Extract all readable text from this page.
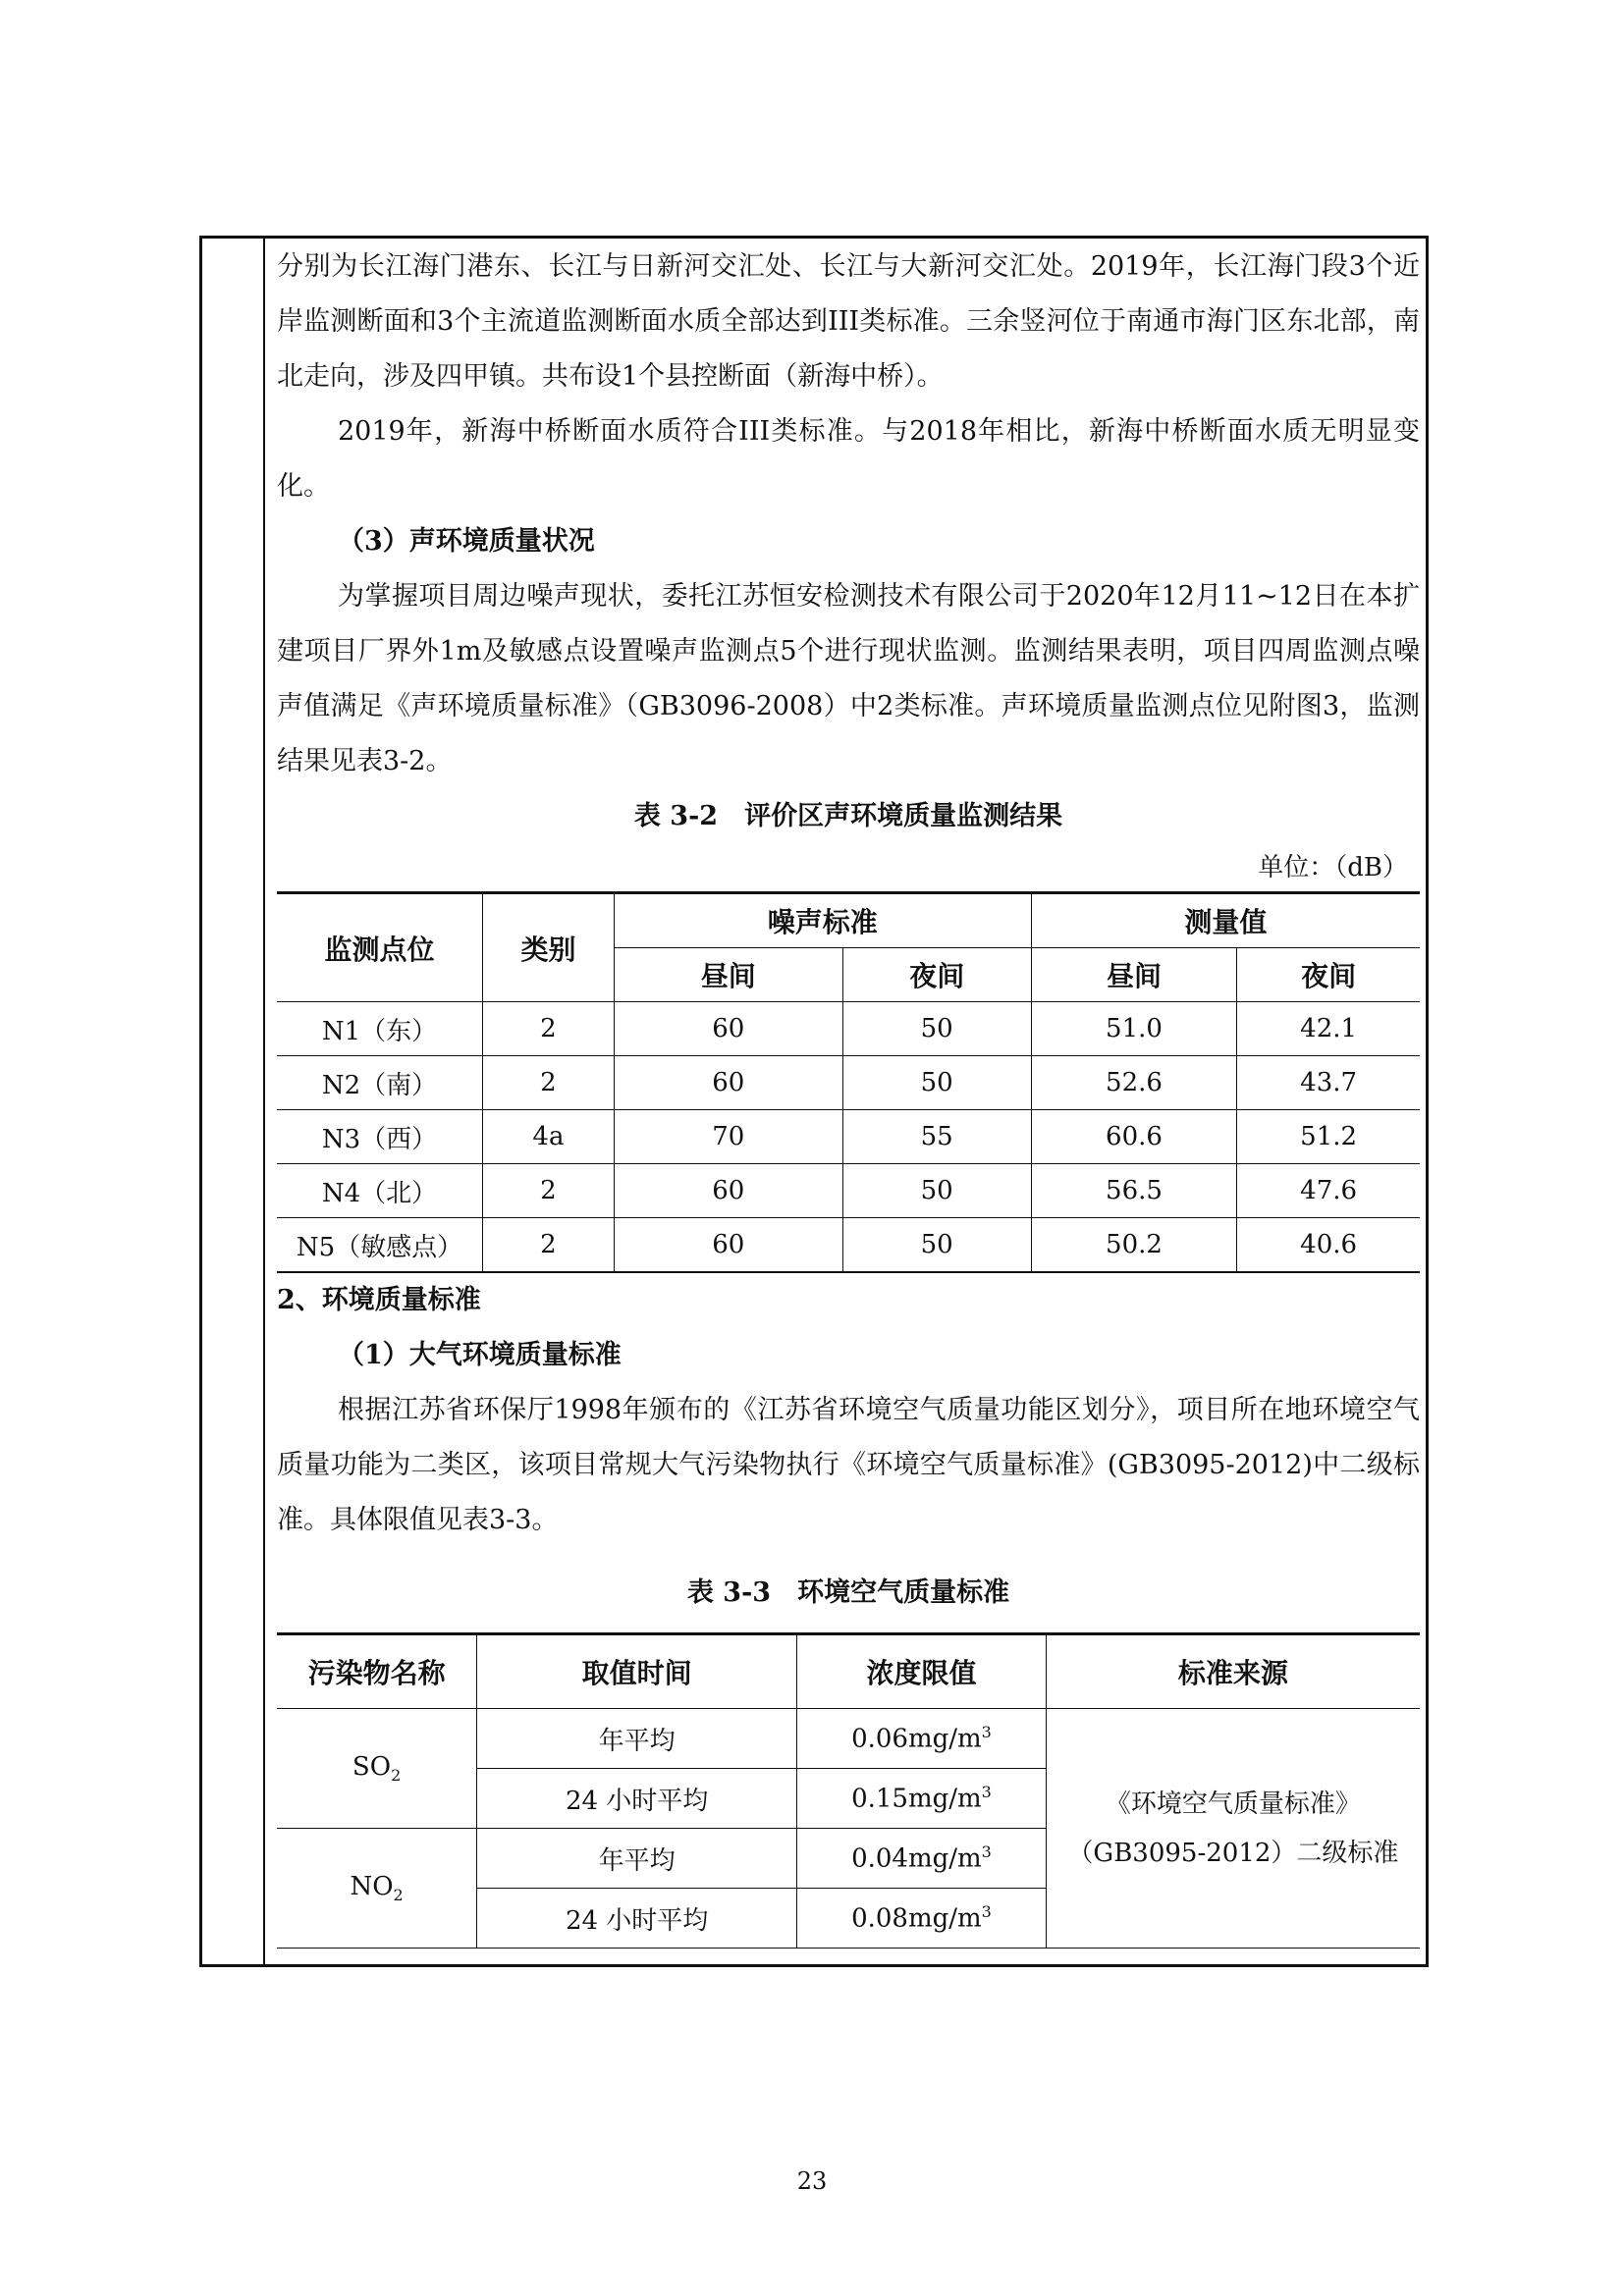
分别为长江海门港东、长江与日新河交汇处、长江与大新河交汇处。2019年，长江海门段3个近岸监测断面和3个主流道监测断面水质全部达到III类标准。三余竖河位于南通市海门区东北部，南北走向，涉及四甲镇。共布设1个县控断面（新海中桥）。

2019年，新海中桥断面水质符合III类标准。与2018年相比，新海中桥断面水质无明显变化。

（3）声环境质量状况

为掌握项目周边噪声现状，委托江苏恒安检测技术有限公司于2020年12月11~12日在本扩建项目厂界外1m及敏感点设置噪声监测点5个进行现状监测。监测结果表明，项目四周监测点噪声值满足《声环境质量标准》（GB3096-2008）中2类标准。声环境质量监测点位见附图3，监测结果见表3-2。

表 3-2　评价区声环境质量监测结果

单位：（dB）

监测点位	类别	噪声标准		测量值	
		昼间	夜间	昼间	夜间
N1（东）	2	60	50	51.0	42.1
N2（南）	2	60	50	52.6	43.7
N3（西）	4a	70	55	60.6	51.2
N4（北）	2	60	50	56.5	47.6
N5（敏感点）	2	60	50	50.2	40.6

2、环境质量标准

（1）大气环境质量标准

根据江苏省环保厅1998年颁布的《江苏省环境空气质量功能区划分》，项目所在地环境空气质量功能为二类区，该项目常规大气污染物执行《环境空气质量标准》(GB3095-2012)中二级标准。具体限值见表3-3。

表 3-3　环境空气质量标准

污染物名称	取值时间	浓度限值	标准来源
$SO_2$	年平均	$0.06mg/m^3$	《环境空气质量标准》
（GB3095-2012）二级标准
	24 小时平均	$0.15mg/m^3$
$NO_2$	年平均	$0.04mg/m^3$
	24 小时平均	$0.08mg/m^3$
23
